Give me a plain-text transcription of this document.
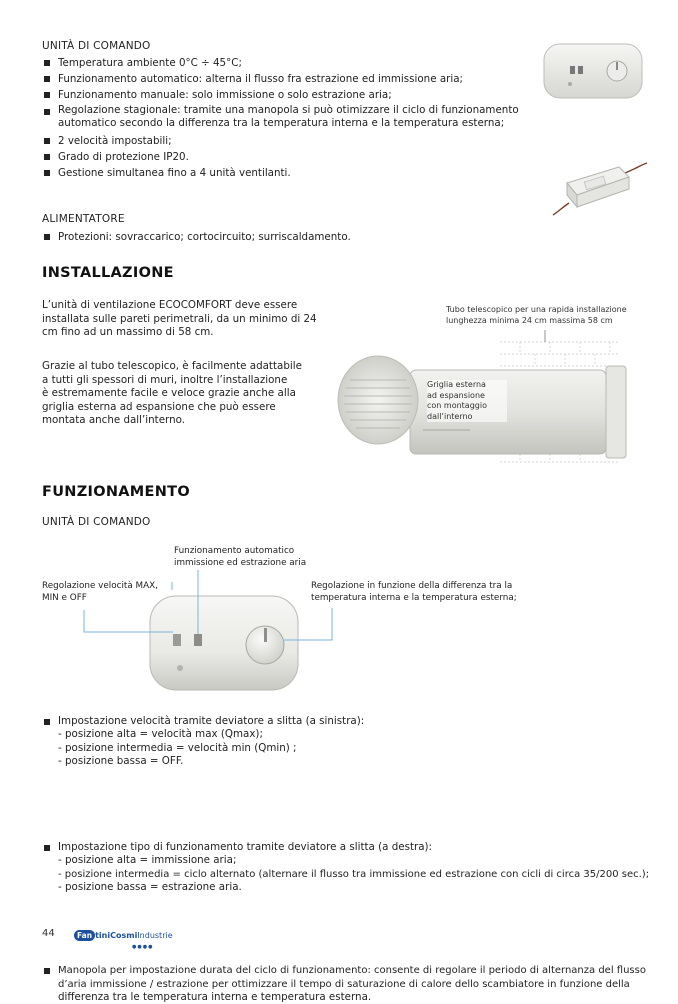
UNITÀ DI COMANDO
Temperatura ambiente 0°C ÷ 45°C;
Funzionamento automatico: alterna il flusso fra estrazione ed immissione aria;
Funzionamento manuale: solo immissione o solo estrazione aria;
Regolazione stagionale: tramite una manopola si può otimizzare il ciclo di funzionamento
automatico secondo la differenza tra la temperatura interna e la temperatura esterna;
2 velocità impostabili;
Grado di protezione IP20.
Gestione simultanea fino a 4 unità ventilanti.
ALIMENTATORE
Protezioni: sovraccarico; cortocircuito; surriscaldamento.
INSTALLAZIONE
L’unità di ventilazione ECOCOMFORT deve essere
installata sulle pareti perimetrali, da un minimo di 24
cm fino ad un massimo di 58 cm.
Grazie al tubo telescopico, è facilmente adattabile
a tutti gli spessori di muri, inoltre l’installazione
è estremamente facile e veloce grazie anche alla
griglia esterna ad espansione che può essere
montata anche dall’interno.
Tubo telescopico per una rapida installazione
lunghezza minima 24 cm massima 58 cm
Griglia esterna
ad espansione
con montaggio
dall’interno
FUNZIONAMENTO
UNITÀ DI COMANDO
Funzionamento automatico
immissione ed estrazione aria
Regolazione velocità MAX,
MIN e OFF
Regolazione in funzione della differenza tra la
temperatura interna e la temperatura esterna;
Impostazione velocità tramite deviatore a slitta (a sinistra):
- posizione alta = velocità max (Qmax);
- posizione intermedia = velocità min (Qmin) ;
- posizione bassa = OFF.
Impostazione tipo di funzionamento tramite deviatore a slitta (a destra):
- posizione alta = immissione aria;
- posizione intermedia = ciclo alternato (alternare il flusso tra immissione ed estrazione con cicli di circa 35/200 sec.);
- posizione bassa = estrazione aria.
Manopola per impostazione durata del ciclo di funzionamento: consente di regolare il periodo di alternanza del flusso
d’aria immissione / estrazione per ottimizzare il tempo di saturazione di calore dello scambiatore in funzione della
differenza tra le temperatura interna e temperatura esterna.
44	Fan tiniCosmiIndustrie
●●●●
